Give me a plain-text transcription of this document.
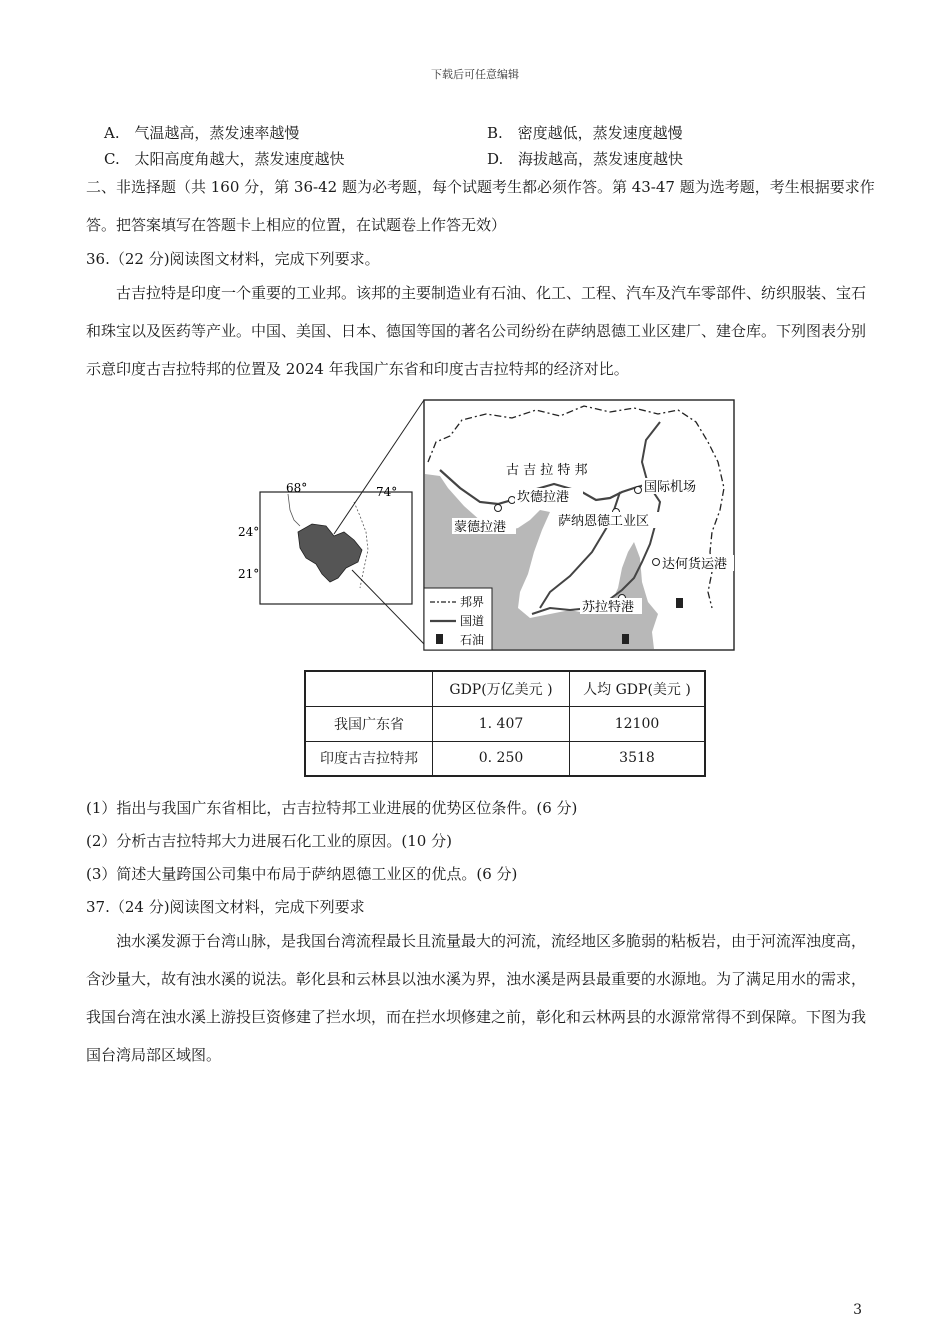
下载后可任意编辑
A. 气温越高，蒸发速率越慢	B. 密度越低，蒸发速度越慢
C. 太阳高度角越大，蒸发速度越快	D. 海拔越高，蒸发速度越快
二、非选择题（共 160 分，第 36-42 题为必考题，每个试题考生都必须作答。第 43-47 题为选考题，考生根据要求作答。把答案填写在答题卡上相应的位置，在试题卷上作答无效）
36.（22 分)阅读图文材料，完成下列要求。
古吉拉特是印度一个重要的工业邦。该邦的主要制造业有石油、化工、工程、汽车及汽车零部件、纺织服装、宝石和珠宝以及医药等产业。中国、美国、日本、德国等国的著名公司纷纷在萨纳恩德工业区建厂、建仓库。下列图表分别示意印度古吉拉特邦的位置及 2024 年我国广东省和印度古吉拉特邦的经济对比。
68°	74°
24°
21°
古 吉 拉 特 邦
坎德拉港
蒙德拉港
国际机场
萨纳恩德工业区
达何货运港
苏拉特港
邦界
国道
石油
	GDP(万亿美元 )	人均 GDP(美元 )
我国广东省	1. 407	12100
印度古吉拉特邦	0. 250	3518
(1）指出与我国广东省相比，古吉拉特邦工业进展的优势区位条件。(6 分)
(2）分析古吉拉特邦大力进展石化工业的原因。(10 分)
(3）简述大量跨国公司集中布局于萨纳恩德工业区的优点。(6 分)
37.（24 分)阅读图文材料，完成下列要求
浊水溪发源于台湾山脉，是我国台湾流程最长且流量最大的河流，流经地区多脆弱的粘板岩，由于河流浑浊度高，含沙量大，故有浊水溪的说法。彰化县和云林县以浊水溪为界，浊水溪是两县最重要的水源地。为了满足用水的需求，我国台湾在浊水溪上游投巨资修建了拦水坝，而在拦水坝修建之前，彰化和云林两县的水源常常得不到保障。下图为我国台湾局部区域图。
3
